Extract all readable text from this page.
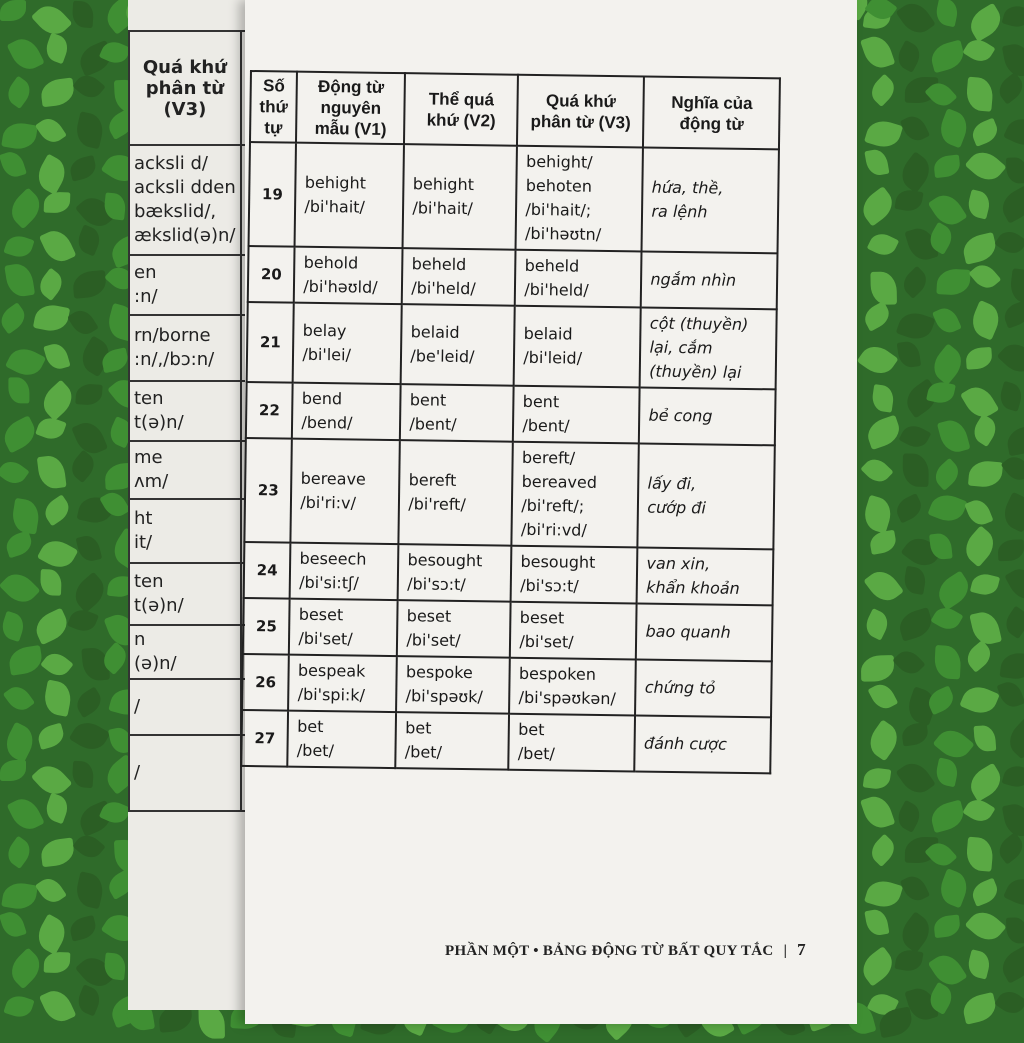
Quá khứ phân từ (V3)	

acksli d/
acksli dden
bækslid/,
ækslid(ə)n/

en
:n/

rn/borne
:n/,/bɔ:n/

ten
t(ə)n/

me
ʌm/

ht
it/

ten
t(ə)n/

n
(ə)n/

/

/

Số thứ tự	Động từ nguyên mẫu (V1)	Thể quá khứ (V2)	Quá khứ phân từ (V3)	Nghĩa của động từ
19	behight
/bi'hait/	behight
/bi'hait/	behight/
behoten
/bi'hait/;
/bi'həʊtn/	hứa, thề,
ra lệnh

20	behold
/bi'həʊld/	beheld
/bi'held/	beheld
/bi'held/	ngắm nhìn

21	belay
/bi'lei/	belaid
/be'leid/	belaid
/bi'leid/	cột (thuyền)
lại, cắm
(thuyền) lại

22	bend
/bend/	bent
/bent/	bent
/bent/	bẻ cong

23	bereave
/bi'ri:v/	bereft
/bi'reft/	bereft/
bereaved
/bi'reft/;
/bi'ri:vd/	lấy đi,
cướp đi

24	beseech
/bi'si:tʃ/	besought
/bi'sɔ:t/	besought
/bi'sɔ:t/	van xin,
khẩn khoản

25	beset
/bi'set/	beset
/bi'set/	beset
/bi'set/	bao quanh

26	bespeak
/bi'spi:k/	bespoke
/bi'spəʊk/	bespoken
/bi'spəʊkən/	chứng tỏ

27	bet
/bet/	bet
/bet/	bet
/bet/	đánh cược
PHẦN MỘT • BẢNG ĐỘNG TỪ BẤT QUY TẮC | 7
